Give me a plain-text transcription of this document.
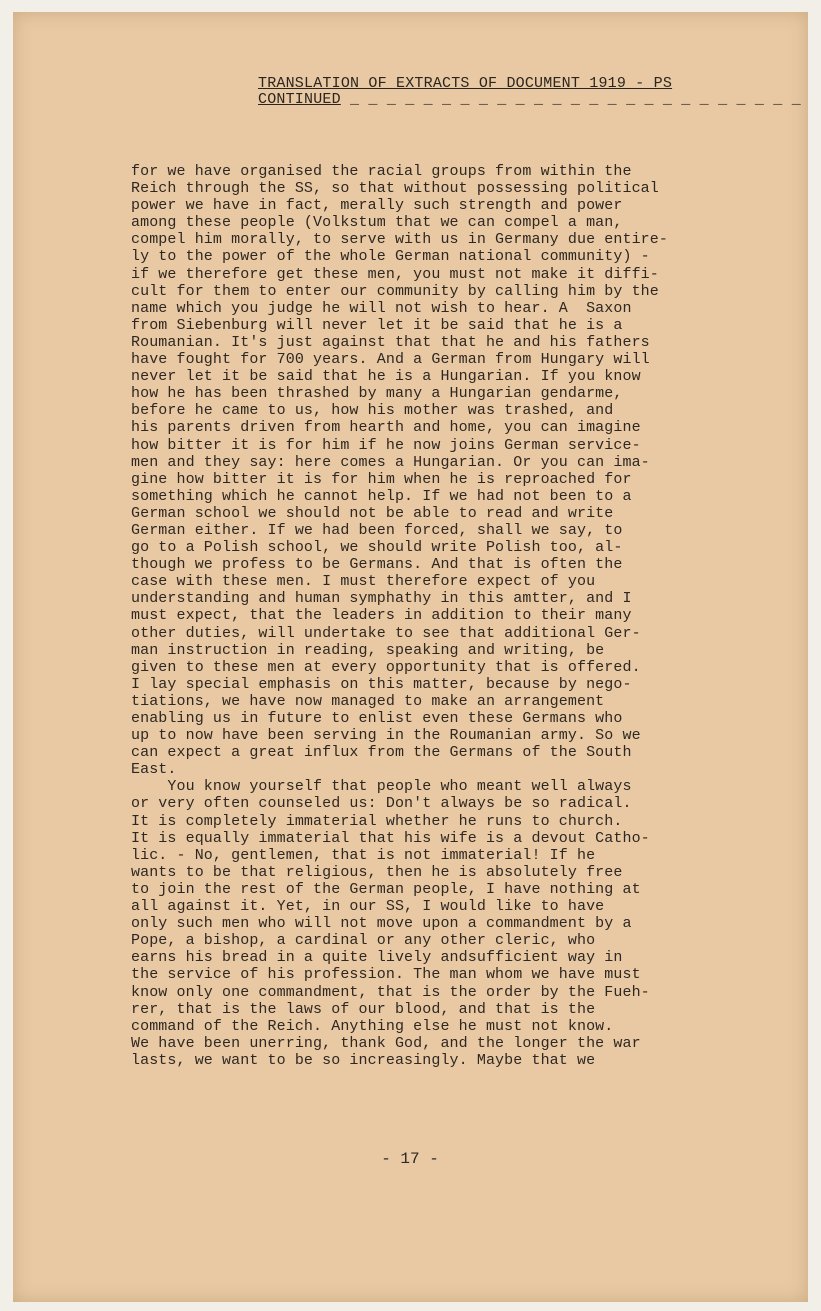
TRANSLATION OF EXTRACTS OF DOCUMENT 1919 - PS
CONTINUED _ _ _ _ _ _ _ _ _ _ _ _ _ _ _ _ _ _ _ _ _ _ _ _ _
for we have organised the racial groups from within the
Reich through the SS, so that without possessing political
power we have in fact, merally such strength and power
among these people (Volkstum that we can compel a man,
compel him morally, to serve with us in Germany due entire-
ly to the power of the whole German national community) -
if we therefore get these men, you must not make it diffi-
cult for them to enter our community by calling him by the
name which you judge he will not wish to hear. A  Saxon
from Siebenburg will never let it be said that he is a
Roumanian. It's just against that that he and his fathers
have fought for 700 years. And a German from Hungary will
never let it be said that he is a Hungarian. If you know
how he has been thrashed by many a Hungarian gendarme,
before he came to us, how his mother was trashed, and
his parents driven from hearth and home, you can imagine
how bitter it is for him if he now joins German service-
men and they say: here comes a Hungarian. Or you can ima-
gine how bitter it is for him when he is reproached for
something which he cannot help. If we had not been to a
German school we should not be able to read and write
German either. If we had been forced, shall we say, to
go to a Polish school, we should write Polish too, al-
though we profess to be Germans. And that is often the
case with these men. I must therefore expect of you
understanding and human symphathy in this amtter, and I
must expect, that the leaders in addition to their many
other duties, will undertake to see that additional Ger-
man instruction in reading, speaking and writing, be
given to these men at every opportunity that is offered.
I lay special emphasis on this matter, because by nego-
tiations, we have now managed to make an arrangement
enabling us in future to enlist even these Germans who
up to now have been serving in the Roumanian army. So we
can expect a great influx from the Germans of the South
East.
You know yourself that people who meant well always
or very often counseled us: Don't always be so radical.
It is completely immaterial whether he runs to church.
It is equally immaterial that his wife is a devout Catho-
lic. - No, gentlemen, that is not immaterial! If he
wants to be that religious, then he is absolutely free
to join the rest of the German people, I have nothing at
all against it. Yet, in our SS, I would like to have
only such men who will not move upon a commandment by a
Pope, a bishop, a cardinal or any other cleric, who
earns his bread in a quite lively andsufficient way in
the service of his profession. The man whom we have must
know only one commandment, that is the order by the Fueh-
rer, that is the laws of our blood, and that is the
command of the Reich. Anything else he must not know.
We have been unerring, thank God, and the longer the war
lasts, we want to be so increasingly. Maybe that we
- 17 -
